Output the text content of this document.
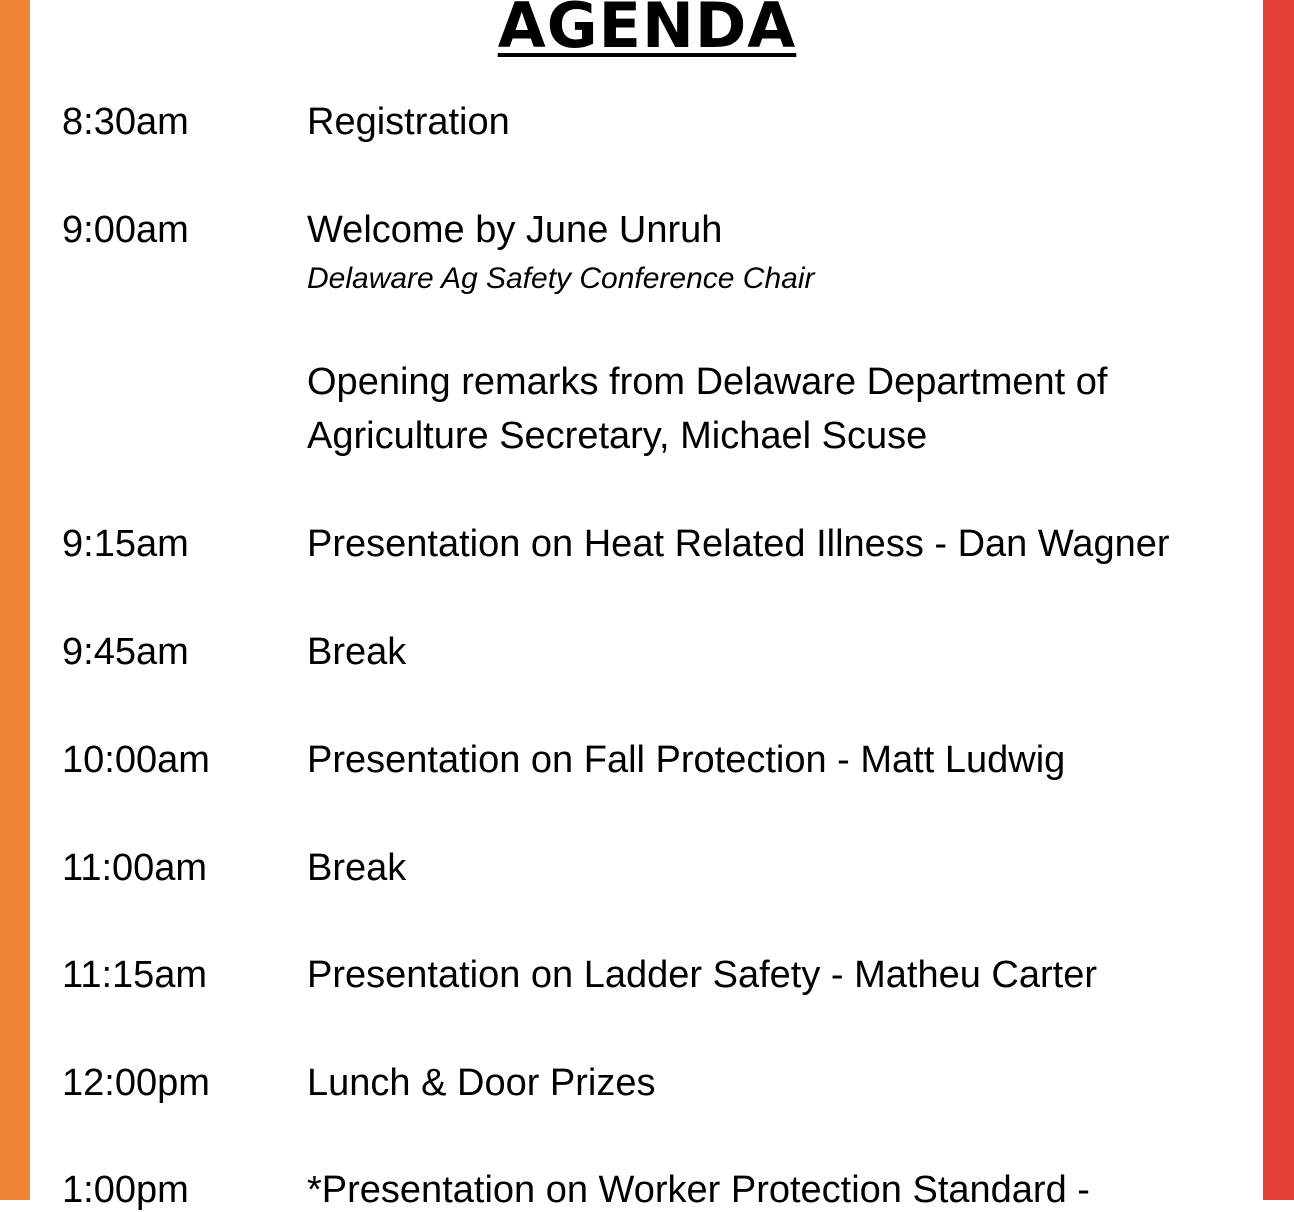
AGENDA
8:30am	Registration
9:00am	Welcome by June Unruh
Delaware Ag Safety Conference Chair
Opening remarks from Delaware Department of Agriculture Secretary, Michael Scuse
9:15am	Presentation on Heat Related Illness - Dan Wagner
9:45am	Break
10:00am	Presentation on Fall Protection - Matt Ludwig
11:00am	Break
11:15am	Presentation on Ladder Safety - Matheu Carter
12:00pm	Lunch & Door Prizes
1:00pm	*Presentation on Worker Protection Standard -
